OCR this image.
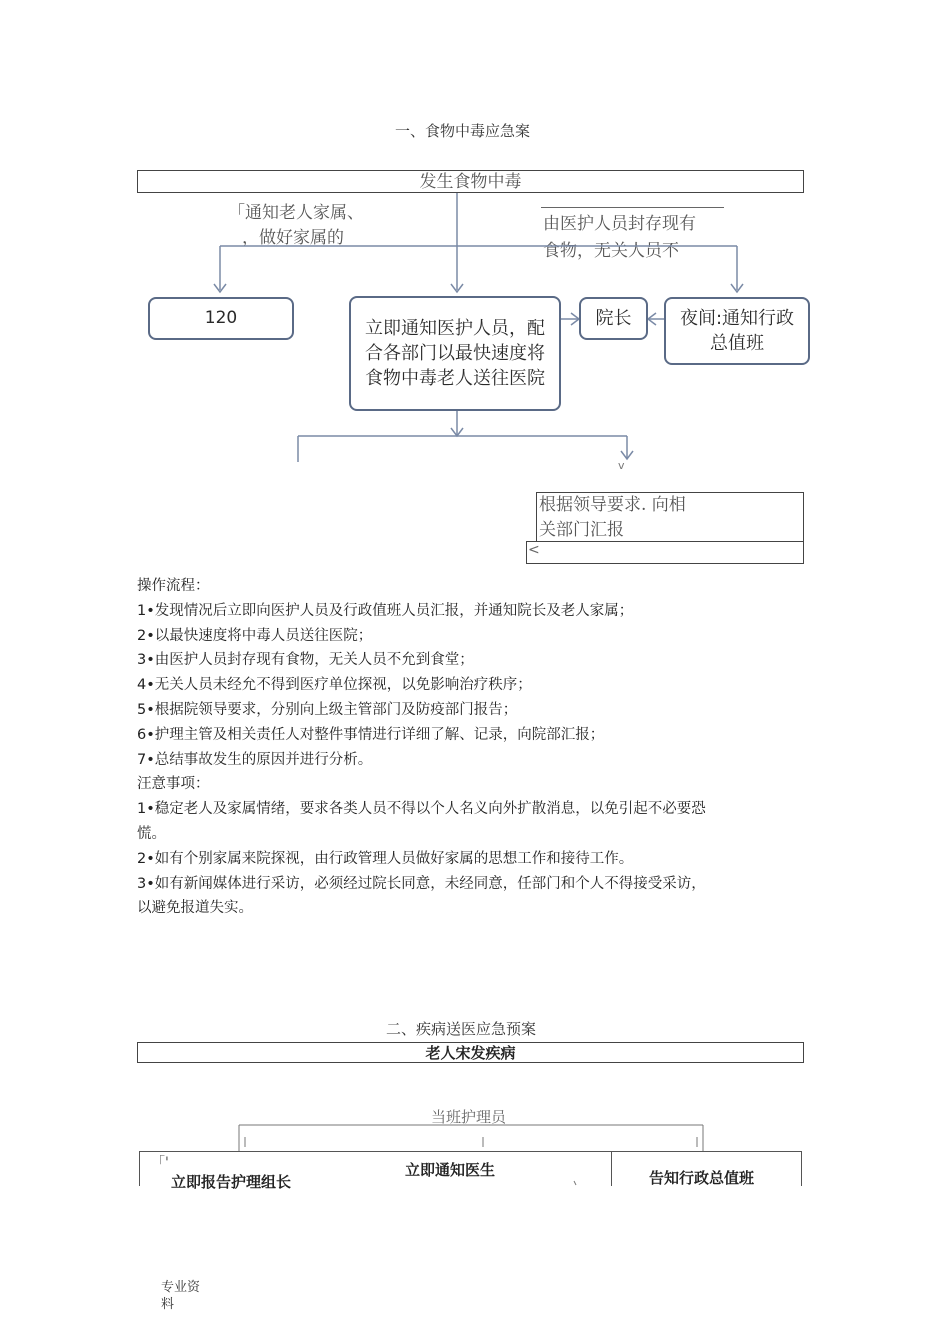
一、食物中毒应急案
发生食物中毒
「通知老人家属、
，做好家属的
由医护人员封存现有
食物，无关人员不
v
120	立即通知医护人员，配合各部门以最快速度将食物中毒老人送往医院
院长	夜间:通知行政总值班
根据领导要求. 向相
关部门汇报
<

操作流程：

1•发现情况后立即向医护人员及行政值班人员汇报，并通知院长及老人家属；

2•以最快速度将中毒人员送往医院；

3•由医护人员封存现有食物，无关人员不允到食堂；

4•无关人员未经允不得到医疗单位探视，以免影响治疗秩序；

5•根据院领导要求，分别向上级主管部门及防疫部门报告；

6•护理主管及相关责任人对整件事情进行详细了解、记录，向院部汇报；

7•总结事故发生的原因并进行分析。

汪意事项：

1•稳定老人及家属情绪，要求各类人员不得以个人名义向外扩散消息，以免引起不必要恐

慌。

2•如有个别家属来院探视，由行政管理人员做好家属的思想工作和接待工作。

3•如有新闻媒体进行采访，必须经过院长同意，未经同意，任部门和个人不得接受采访，

以避免报道失实。

二、疾病送医应急预案
老人宋发疾病
当班护理员
「'
立即报告护理组长
立即通知医生	告知行政总值班
专业资
料
